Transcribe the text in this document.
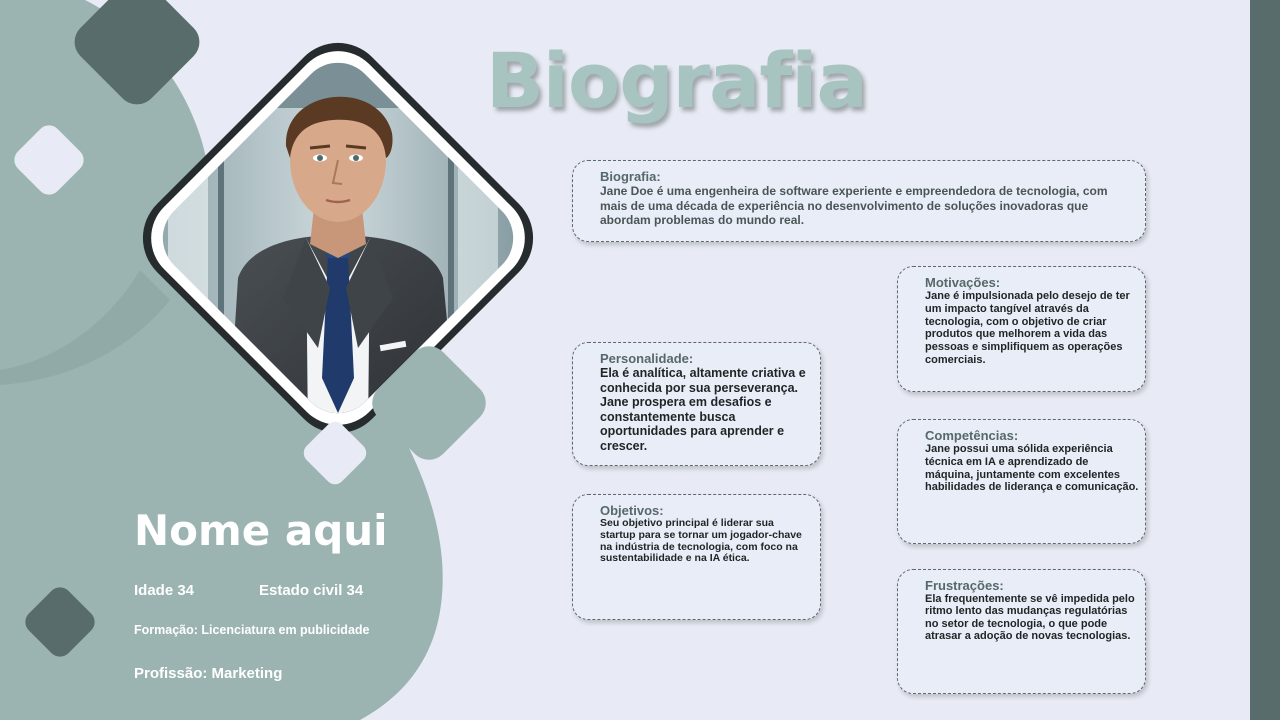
Biografia
Biografia:
Jane Doe é uma engenheira de software experiente e empreendedora de tecnologia, com mais de uma década de experiência no desenvolvimento de soluções inovadoras que abordam problemas do mundo real.
Motivações:
Jane é impulsionada pelo desejo de ter um impacto tangível através da tecnologia, com o objetivo de criar produtos que melhorem a vida das pessoas e simplifiquem as operações comerciais.
Personalidade:
Ela é analítica, altamente criativa e conhecida por sua perseverança. Jane prospera em desafios e constantemente busca oportunidades para aprender e crescer.
Competências:
Jane possui uma sólida experiência técnica em IA e aprendizado de máquina, juntamente com excelentes habilidades de liderança e comunicação.
Objetivos:
Seu objetivo principal é liderar sua startup para se tornar um jogador-chave na indústria de tecnologia, com foco na sustentabilidade e na IA ética.
Frustrações:
Ela frequentemente se vê impedida pelo ritmo lento das mudanças regulatórias no setor de tecnologia, o que pode atrasar a adoção de novas tecnologias.
Nome aqui
Idade 34	Estado civil 34
Formação: Licenciatura em publicidade
Profissão: Marketing
